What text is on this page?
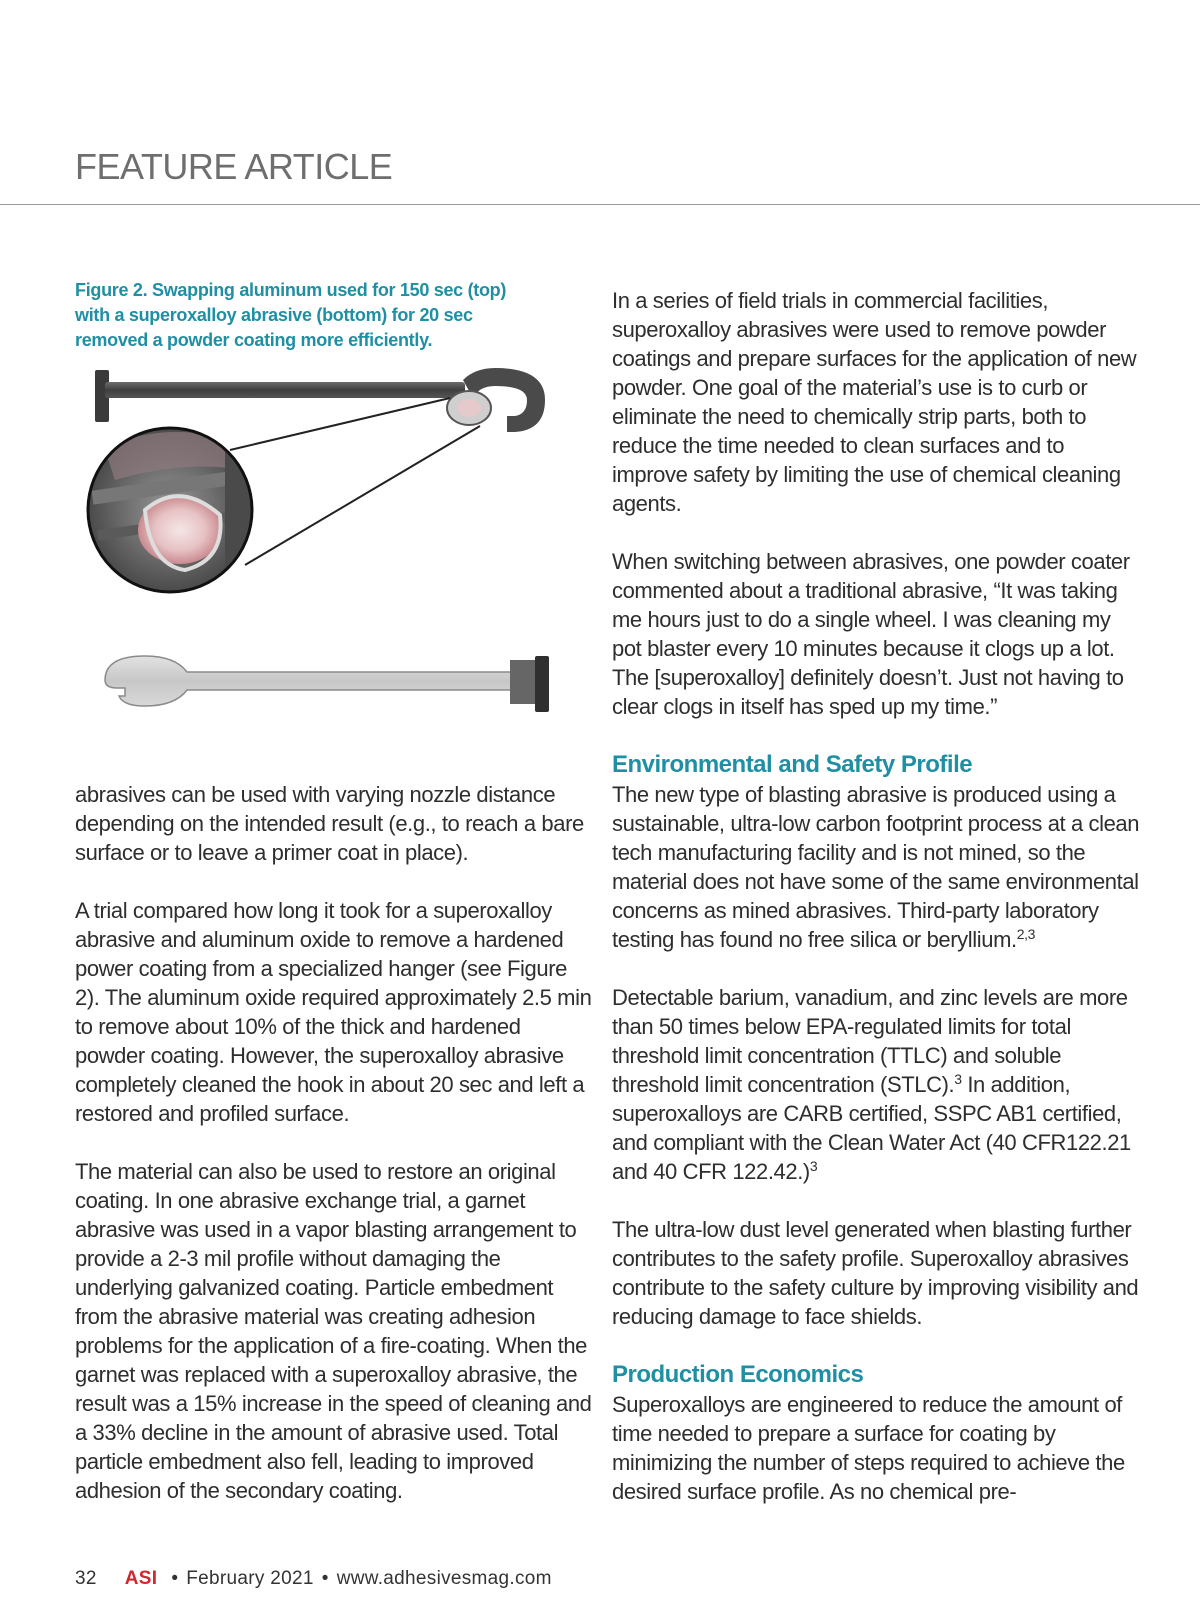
FEATURE ARTICLE
Figure 2. Swapping aluminum used for 150 sec (top) with a superoxalloy abrasive (bottom) for 20 sec removed a powder coating more efficiently.

abrasives can be used with varying nozzle distance depending on the intended result (e.g., to reach a bare surface or to leave a primer coat in place).

A trial compared how long it took for a superoxalloy abrasive and aluminum oxide to remove a hardened power coating from a specialized hanger (see Figure 2). The aluminum oxide required approximately 2.5 min to remove about 10% of the thick and hardened powder coating. However, the superoxalloy abrasive completely cleaned the hook in about 20 sec and left a restored and profiled surface.

The material can also be used to restore an original coating. In one abrasive exchange trial, a garnet abrasive was used in a vapor blasting arrangement to provide a 2-3 mil profile without damaging the underlying galvanized coating. Particle embedment from the abrasive material was creating adhesion problems for the application of a fire-coating. When the garnet was replaced with a superoxalloy abrasive, the result was a 15% increase in the speed of cleaning and a 33% decline in the amount of abrasive used. Total particle embedment also fell, leading to improved adhesion of the secondary coating.

In a series of field trials in commercial facilities, superoxalloy abrasives were used to remove powder coatings and prepare surfaces for the application of new powder. One goal of the material’s use is to curb or eliminate the need to chemically strip parts, both to reduce the time needed to clean surfaces and to improve safety by limiting the use of chemical cleaning agents.

When switching between abrasives, one powder coater commented about a traditional abrasive, “It was taking me hours just to do a single wheel. I was cleaning my pot blaster every 10 minutes because it clogs up a lot. The [superoxalloy] definitely doesn’t. Just not having to clear clogs in itself has sped up my time.”

Environmental and Safety Profile

The new type of blasting abrasive is produced using a sustainable, ultra-low carbon footprint process at a clean tech manufacturing facility and is not mined, so the material does not have some of the same environmental concerns as mined abrasives. Third-party laboratory testing has found no free silica or beryllium.$^{2,3}$

Detectable barium, vanadium, and zinc levels are more than 50 times below EPA-regulated limits for total threshold limit concentration (TTLC) and soluble threshold limit concentration (STLC).$^3$ In addition, superoxalloys are CARB certified, SSPC AB1 certified, and compliant with the Clean Water Act (40 CFR122.21 and 40 CFR 122.42.)$^3$

The ultra-low dust level generated when blasting further contributes to the safety profile. Superoxalloy abrasives contribute to the safety culture by improving visibility and reducing damage to face shields.

Production Economics

Superoxalloys are engineered to reduce the amount of time needed to prepare a surface for coating by minimizing the number of steps required to achieve the desired surface profile. As no chemical pre-

32 ASI • February 2021 • www.adhesivesmag.com
